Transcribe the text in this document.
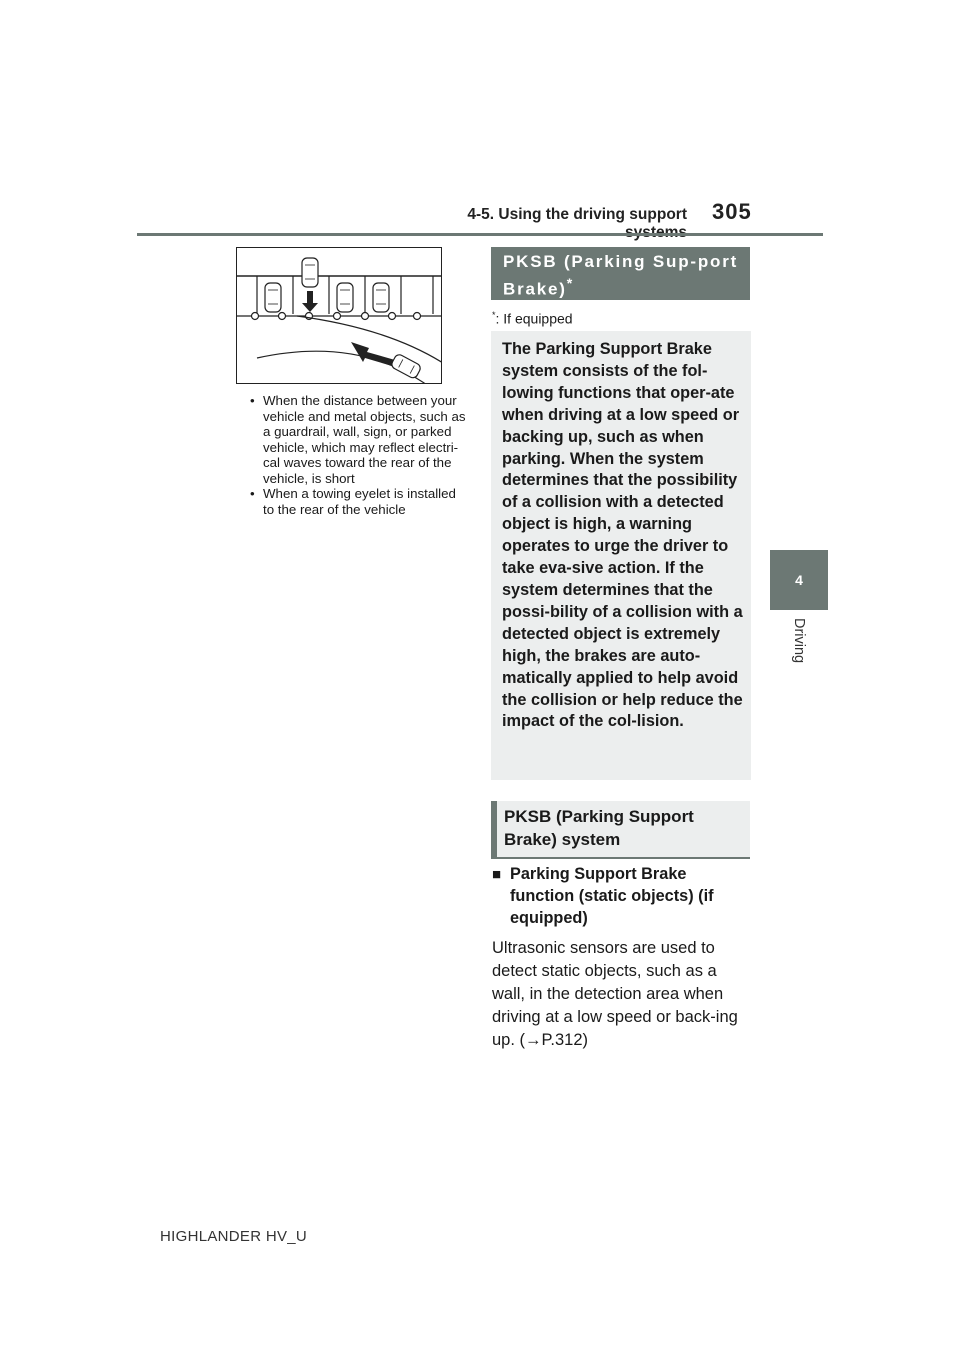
4-5. Using the driving support 305
4
Driving
• When the distance between your vehicle and metal objects, such as a guardrail, wall, sign, or parked vehicle, which may reflect electri-cal waves toward the rear of the vehicle, is short
• When a towing eyelet is installed to the rear of the vehicle
PKSB (Parking Sup-port Brake)*
*: If equipped
The Parking Support Brake system consists of the fol-lowing functions that oper-ate when driving at a low speed or backing up, such as when parking. When the system determines that the possibility of a collision with a detected object is high, a warning operates to urge the driver to take eva-sive action. If the system determines that the possi-bility of a collision with a detected object is extremely high, the brakes are auto-matically applied to help avoid the collision or help reduce the impact of the col-lision.
PKSB (Parking Support Brake) system
■ Parking Support Brake function (static objects) (if equipped)
Ultrasonic sensors are used to detect static objects, such as a wall, in the detection area when driving at a low speed or back-ing up. (→P.312)
HIGHLANDER HV_U
